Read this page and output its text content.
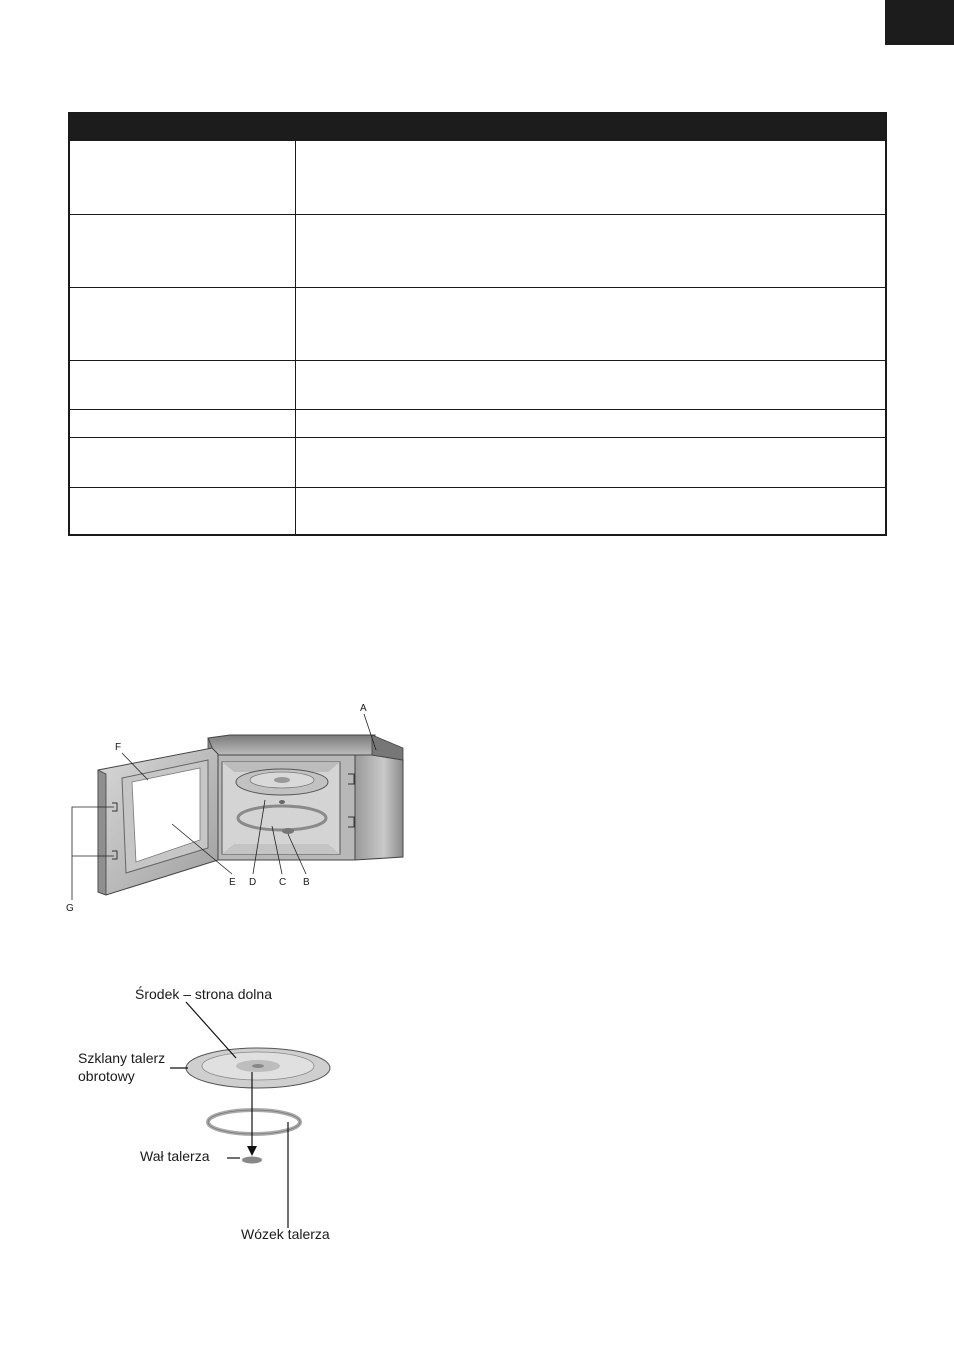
A
B
C
D
E
F
G
Środek – strona dolna
Szklany talerz
obrotowy
Wał talerza
Wózek talerza
